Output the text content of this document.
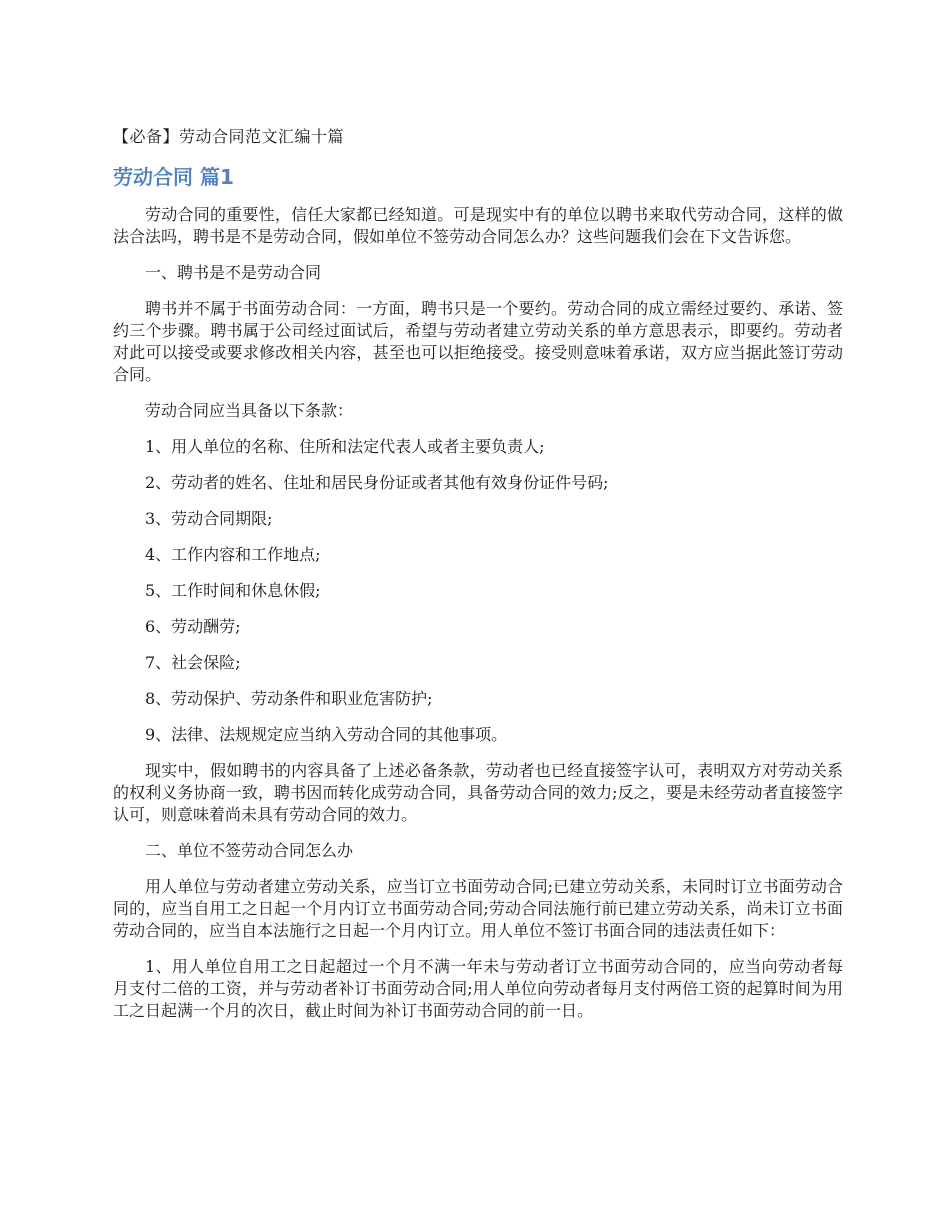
【必备】劳动合同范文汇编十篇
劳动合同 篇1

劳动合同的重要性，信任大家都已经知道。可是现实中有的单位以聘书来取代劳动合同，这样的做法合法吗，聘书是不是劳动合同，假如单位不签劳动合同怎么办？这些问题我们会在下文告诉您。

一、聘书是不是劳动合同

聘书并不属于书面劳动合同：一方面，聘书只是一个要约。劳动合同的成立需经过要约、承诺、签约三个步骤。聘书属于公司经过面试后，希望与劳动者建立劳动关系的单方意思表示，即要约。劳动者对此可以接受或要求修改相关内容，甚至也可以拒绝接受。接受则意味着承诺，双方应当据此签订劳动合同。

劳动合同应当具备以下条款：

1、用人单位的名称、住所和法定代表人或者主要负责人;

2、劳动者的姓名、住址和居民身份证或者其他有效身份证件号码;

3、劳动合同期限;

4、工作内容和工作地点;

5、工作时间和休息休假;

6、劳动酬劳;

7、社会保险;

8、劳动保护、劳动条件和职业危害防护;

9、法律、法规规定应当纳入劳动合同的其他事项。

现实中，假如聘书的内容具备了上述必备条款，劳动者也已经直接签字认可，表明双方对劳动关系的权利义务协商一致，聘书因而转化成劳动合同，具备劳动合同的效力;反之，要是未经劳动者直接签字认可，则意味着尚未具有劳动合同的效力。

二、单位不签劳动合同怎么办

用人单位与劳动者建立劳动关系，应当订立书面劳动合同;已建立劳动关系，未同时订立书面劳动合同的，应当自用工之日起一个月内订立书面劳动合同;劳动合同法施行前已建立劳动关系，尚未订立书面劳动合同的，应当自本法施行之日起一个月内订立。用人单位不签订书面合同的违法责任如下：

1、用人单位自用工之日起超过一个月不满一年未与劳动者订立书面劳动合同的，应当向劳动者每月支付二倍的工资，并与劳动者补订书面劳动合同;用人单位向劳动者每月支付两倍工资的起算时间为用工之日起满一个月的次日，截止时间为补订书面劳动合同的前一日。
